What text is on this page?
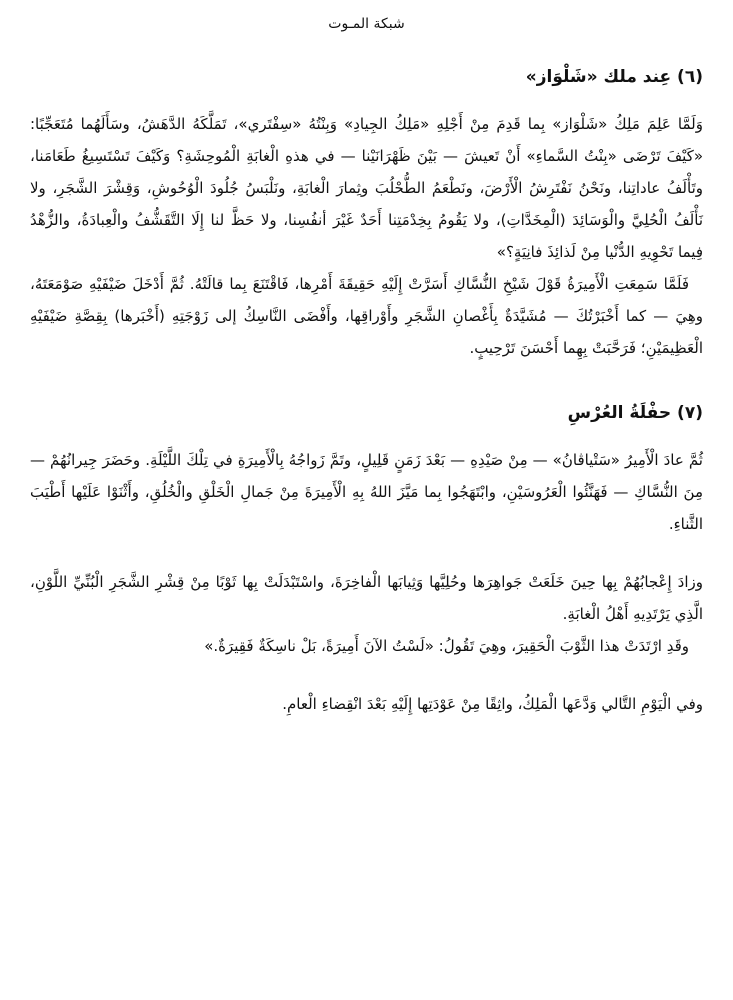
شبكة المـوت
(٦) عِند ملك «شَلْوَاز»

وَلَمَّا عَلِمَ مَلِكُ «شَلْوَاز» بِما قَدِمَ مِنْ أَجْلِهِ «مَلِكُ الجِيادِ» وَبِنْتُهُ «سِفْتَري»، تَمَلَّكَهُ الدَّهَشُ، وسَأَلَهُما مُتَعَجِّبًا: «كَيْفَ تَرْضَى «بِنْتُ السَّماءِ» أَنْ تَعيشَ — بَيْنَ ظَهْرَانَيْنا — في هذهِ الْغابَةِ الْمُوحِشَةِ؟ وَكَيْفَ تَسْتَسِيغُ طَعَامَنا، وتَأْلَفُ عاداتِنا، ونَحْنُ نَفْتَرِشُ الْأَرْضَ، ونَطْعَمُ الطُّحْلُبَ وثِمارَ الْغابَةِ، ونَلْبَسُ جُلُودَ الْوُحُوشِ، وَقِشْرَ الشَّجَرِ، ولا نَأْلَفُ الْحُلِيَّ والْوَسَائِدَ (الْمِخَدَّاتِ)، ولا يَقُومُ بِخِدْمَتِنا أَحَدٌ غَيْرَ أنفُسِنا، ولا حَظَّ لنا إِلَا التَّقَشُّفُ والْعِبادَةُ، والزُّهْدُ فِيما تَحْوِيهِ الدُّنْيا مِنْ لَذائِذَ فانِيَةٍ؟»

فَلَمَّا سَمِعَتِ الْأَمِيرَةُ قَوْلَ شَيْخِ النُّسَّاكِ أَسَرَّتْ إِلَيْهِ حَقِيقَةَ أَمْرِها، فَاقْتَنَعَ بِما قالَتْهُ. ثُمَّ أَدْخَلَ ضَيْفَيْهِ صَوْمَعَتَهُ، وهِيَ — كما أَخْبَرْتُكَ — مُشَيَّدَةٌ بِأَغْصانِ الشَّجَرِ وأَوْراقِها، وأَفْضَى النَّاسِكُ إلى زَوْجَتِهِ (أَخْبَرها) بِقِصَّةِ ضَيْفَيْهِ الْعَظِيمَيْنِ؛ فَرَحَّبَتْ بِهِما أَحْسَنَ تَرْحِيبٍ.

(٧) حفْلَةُ العُرْسِ

ثُمَّ عادَ الْأَمِيرُ «سَتْياڤانُ» — مِنْ صَيْدِهِ — بَعْدَ زَمَنٍ قَلِيلٍ، وتَمَّ زَواجُهُ بِالْأَمِيرَةِ في تِلْكَ اللَّيْلَةِ. وحَضَرَ جِيرانُهُمْ — مِنَ النُّسَّاكِ — فَهَنَّئُوا الْعَرُوسَيْنِ، وابْتَهَجُوا بِما مَيَّزَ اللهُ بِهِ الْأَمِيرَةَ مِنْ جَمالِ الْخَلْقِ والْخُلُقِ، وأَثْنَوْا عَلَيْها أَطْيَبَ الثَّناءِ.

وزادَ إِعْجابُهُمْ بِها حِينَ خَلَعَتْ جَواهِرَها وحُلِيَّها وَثِيابَها الْفاخِرَةَ، واسْتَبْدَلَتْ بِها ثَوْبًا مِنْ قِشْرِ الشَّجَرِ الْبُنِّيِّ اللَّوْنِ، الَّذِي يَرْتَدِيهِ أَهْلُ الْغابَةِ.

وقَدِ ارْتَدَتْ هذا الثَّوْبَ الْحَقِيرَ، وهِيَ تَقُولُ: «لَسْتُ الآنَ أَمِيرَةً، بَلْ ناسِكَةٌ فَقِيرَةٌ.»

وفي الْيَوْمِ التَّالي وَدَّعَها الْمَلِكُ، واثِقًا مِنْ عَوْدَتِها إِلَيْهِ بَعْدَ انْقِضاءِ الْعامِ.
